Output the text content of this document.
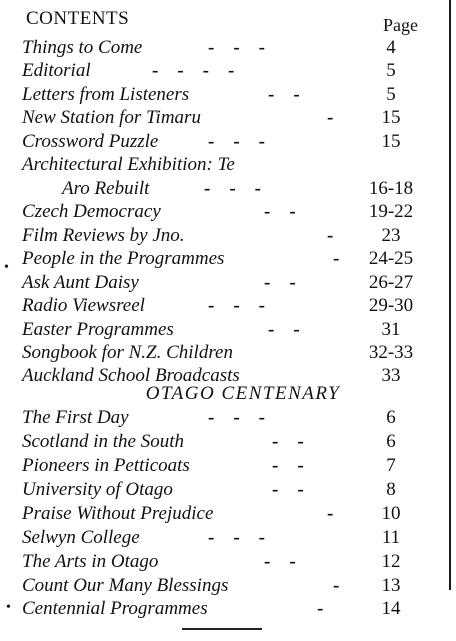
CONTENTS	Page
Things to Come	-    -    -	4
Editorial	-    -    -    -	5
Letters from Listeners	-    -	5
New Station for Timaru	-	15
Crossword Puzzle	-    -    -	15
Architectural Exhibition: Te
Aro Rebuilt	-    -    -	16-18
Czech Democracy	-    -	19-22
Film Reviews by Jno.	-	23
People in the Programmes	-	24-25
Ask Aunt Daisy	-    -	26-27
Radio Viewsreel	-    -    -	29-30
Easter Programmes	-    -	31
Songbook for N.Z. Children	32-33
Auckland School Broadcasts	33
OTAGO CENTENARY
The First Day	-    -    -	6
Scotland in the South	-    -	6
Pioneers in Petticoats	-    -	7
University of Otago	-    -	8
Praise Without Prejudice	-	10
Selwyn College	-    -    -	11
The Arts in Otago	-    -	12
Count Our Many Blessings	-	13
Centennial Programmes	-	14
•
•
